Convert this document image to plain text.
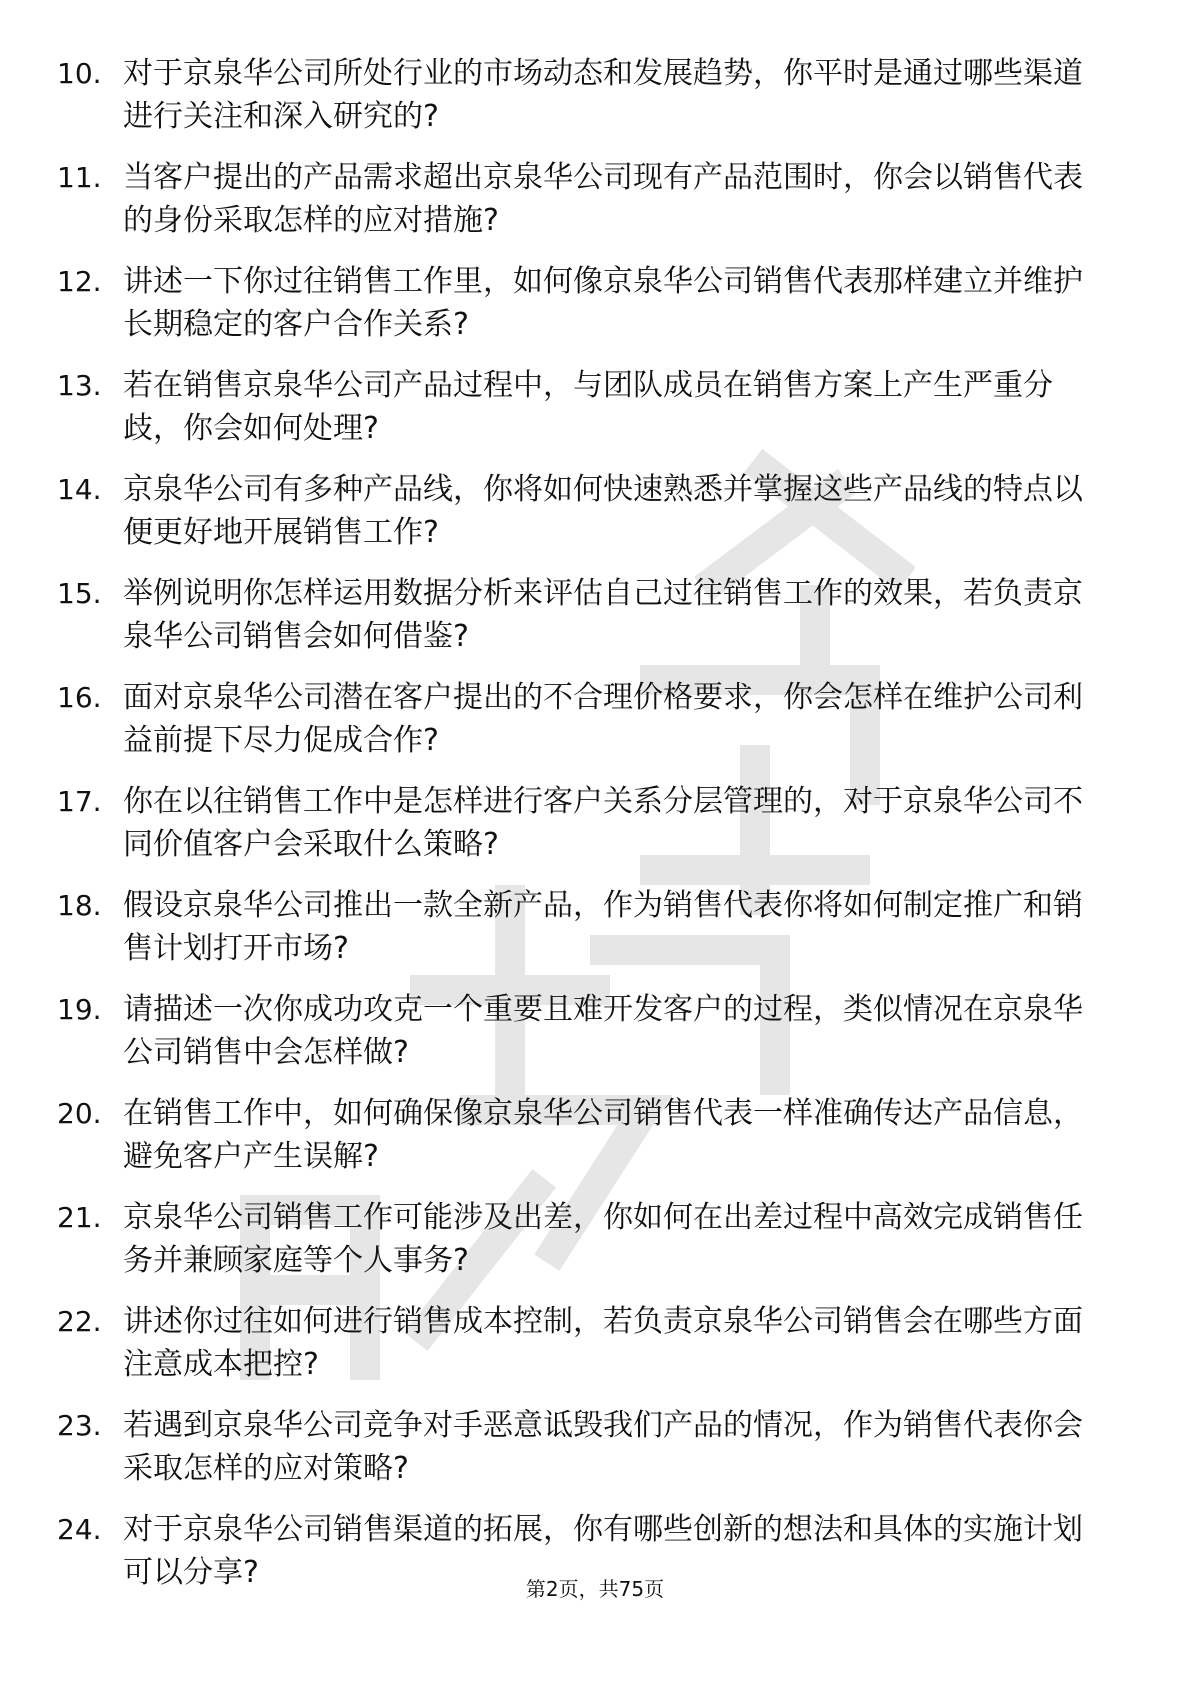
10. 对于京泉华公司所处行业的市场动态和发展趋势，你平时是通过哪些渠道进行关注和深入研究的?
11. 当客户提出的产品需求超出京泉华公司现有产品范围时，你会以销售代表的身份采取怎样的应对措施?
12. 讲述一下你过往销售工作里，如何像京泉华公司销售代表那样建立并维护长期稳定的客户合作关系?
13. 若在销售京泉华公司产品过程中，与团队成员在销售方案上产生严重分歧，你会如何处理?
14. 京泉华公司有多种产品线，你将如何快速熟悉并掌握这些产品线的特点以便更好地开展销售工作?
15. 举例说明你怎样运用数据分析来评估自己过往销售工作的效果，若负责京泉华公司销售会如何借鉴?
16. 面对京泉华公司潜在客户提出的不合理价格要求，你会怎样在维护公司利益前提下尽力促成合作?
17. 你在以往销售工作中是怎样进行客户关系分层管理的，对于京泉华公司不同价值客户会采取什么策略?
18. 假设京泉华公司推出一款全新产品，作为销售代表你将如何制定推广和销售计划打开市场?
19. 请描述一次你成功攻克一个重要且难开发客户的过程，类似情况在京泉华公司销售中会怎样做?
20. 在销售工作中，如何确保像京泉华公司销售代表一样准确传达产品信息，避免客户产生误解?
21. 京泉华公司销售工作可能涉及出差，你如何在出差过程中高效完成销售任务并兼顾家庭等个人事务?
22. 讲述你过往如何进行销售成本控制，若负责京泉华公司销售会在哪些方面注意成本把控?
23. 若遇到京泉华公司竞争对手恶意诋毁我们产品的情况，作为销售代表你会采取怎样的应对策略?
24. 对于京泉华公司销售渠道的拓展，你有哪些创新的想法和具体的实施计划可以分享?	第2页，共75页
